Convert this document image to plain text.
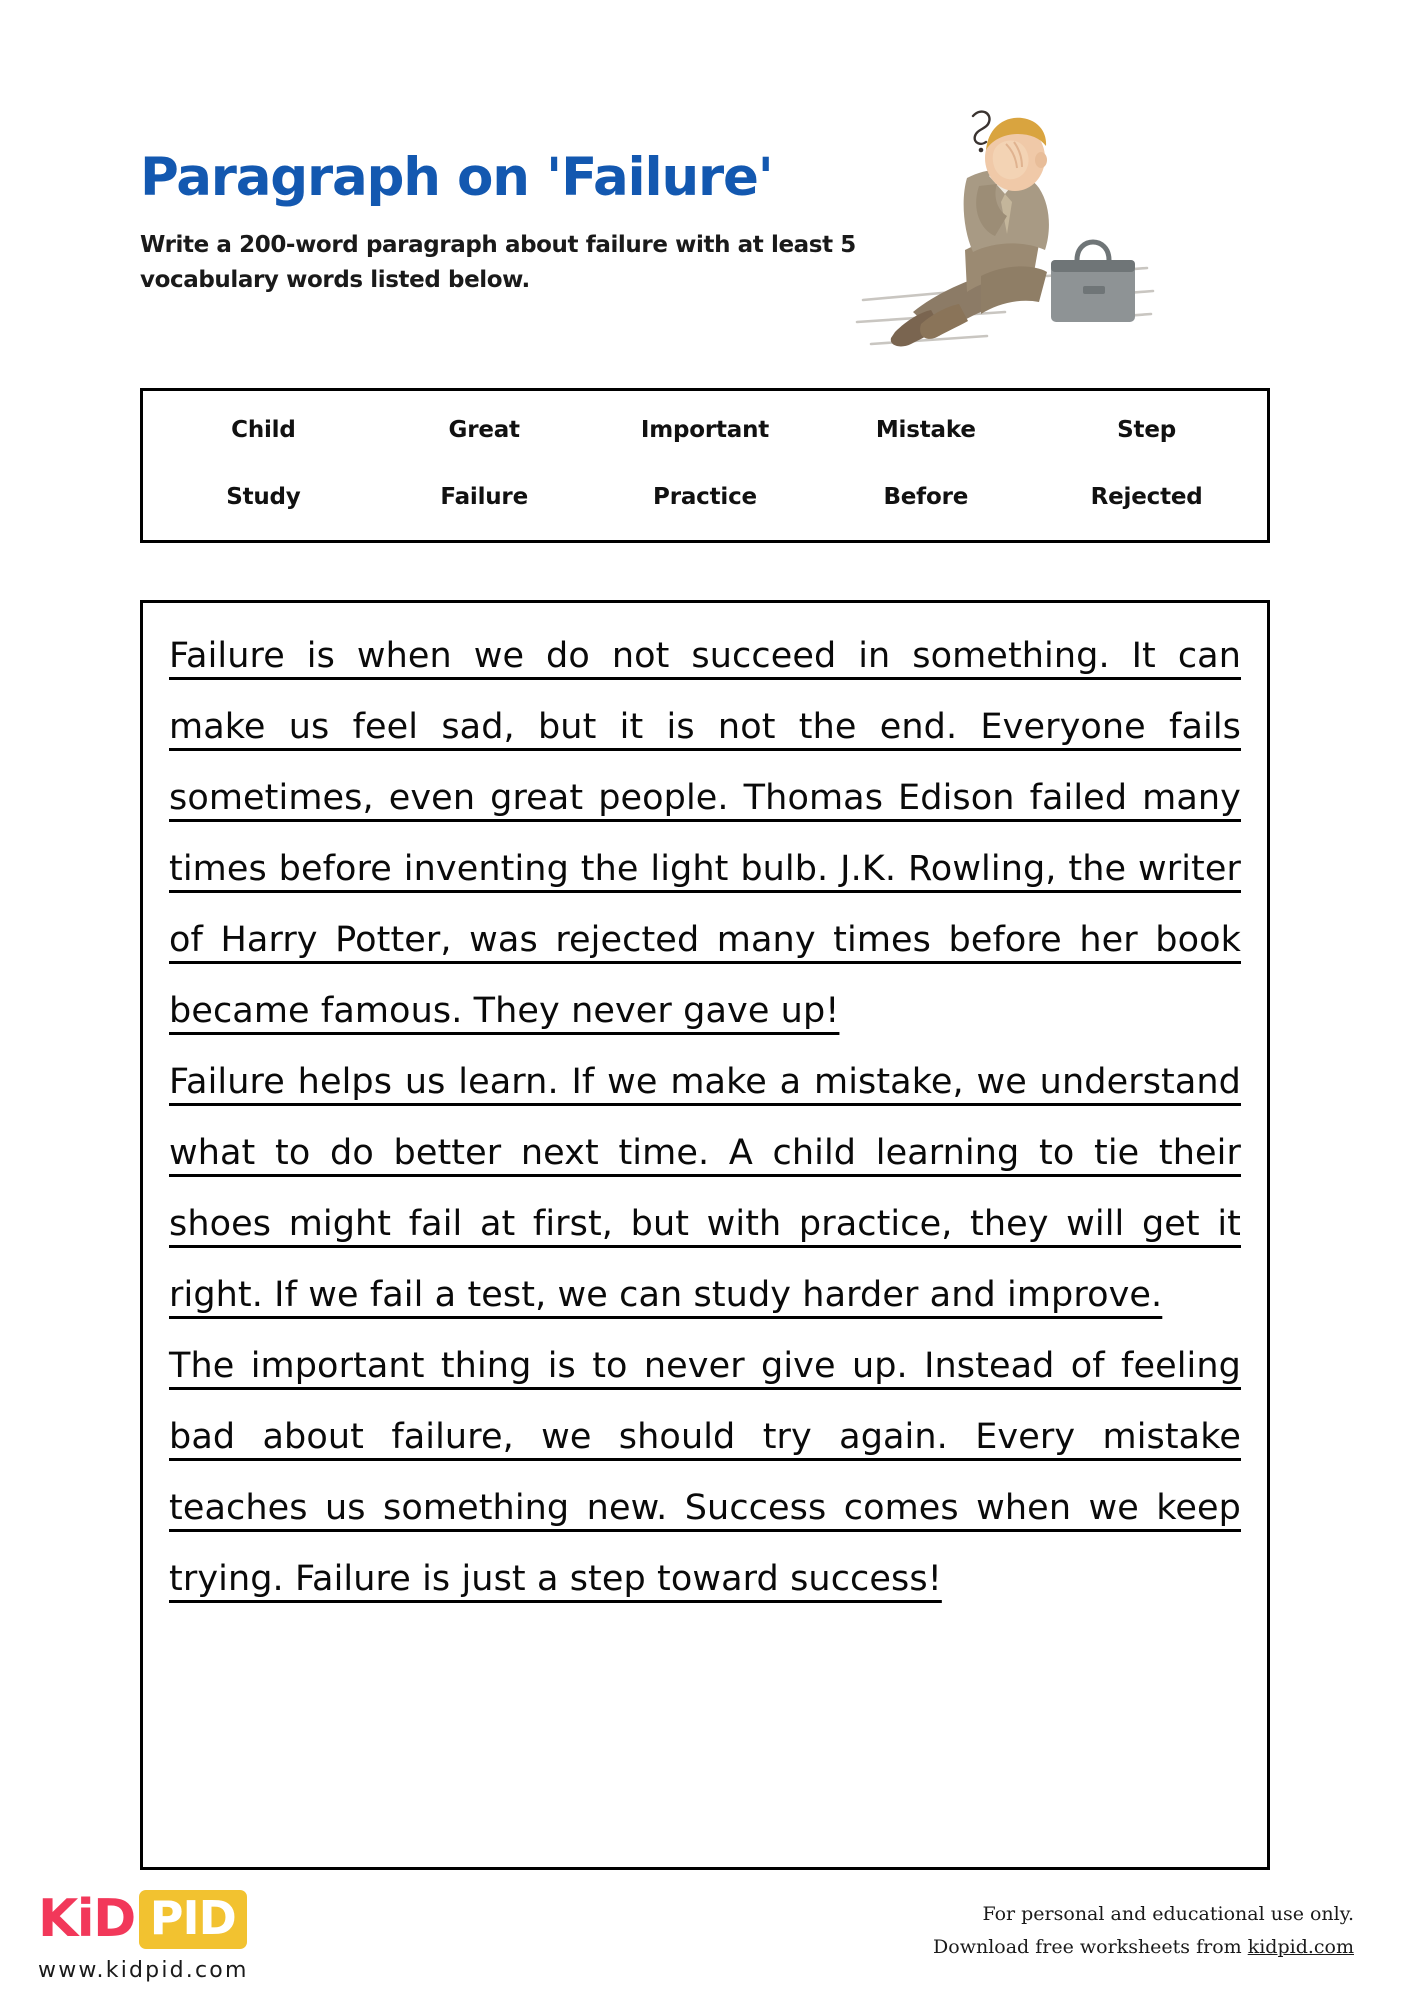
Paragraph on 'Failure'
Write a 200-word paragraph about failure with at least 5 vocabulary words listed below.
Child	Great	Important	Mistake	Step
Study	Failure	Practice	Before	Rejected

Failure is when we do not succeed in something. It can make us feel sad, but it is not the end. Everyone fails sometimes, even great people. Thomas Edison failed many times before inventing the light bulb. J.K. Rowling, the writer of Harry Potter, was rejected many times before her book became famous. They never gave up!

Failure helps us learn. If we make a mistake, we understand what to do better next time. A child learning to tie their shoes might fail at first, but with practice, they will get it right. If we fail a test, we can study harder and improve.

The important thing is to never give up. Instead of feeling bad about failure, we should try again. Every mistake teaches us something new. Success comes when we keep trying. Failure is just a step toward success!

KiD PID
www.kidpid.com
For personal and educational use only.
Download free worksheets from kidpid.com
